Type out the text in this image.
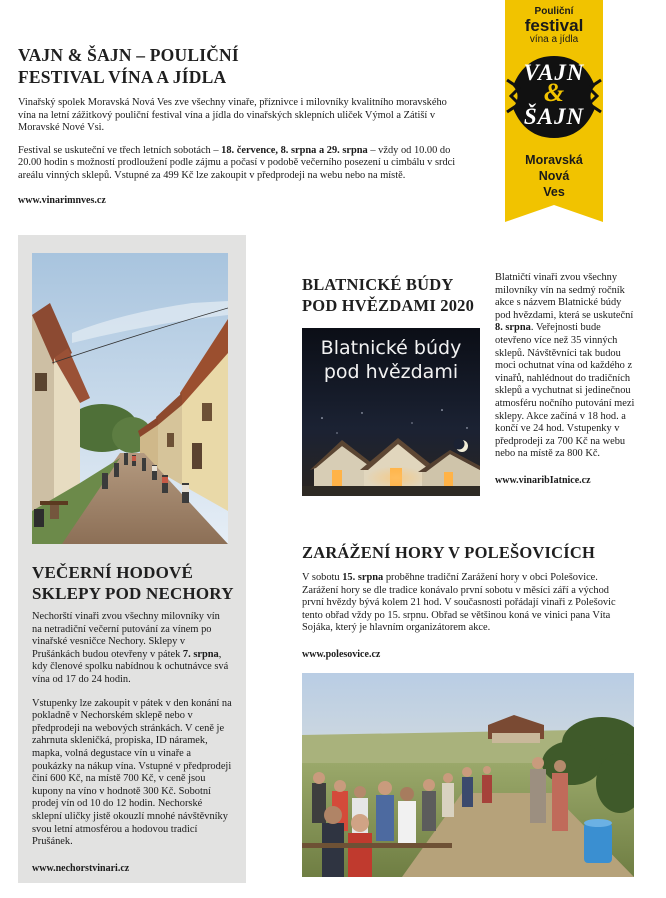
Pouliční
festival
vína a jídla
VAJN
&
ŠAJN
Moravská
Nová
Ves
VAJN & ŠAJN – POULIČNÍ
FESTIVAL VÍNA A JÍDLA

Vinařský spolek Moravská Nová Ves zve všechny vinaře, příznivce i milovníky kvalitního moravského vína na letní zážitkový pouliční festival vína a jídla do vinařských sklepních uliček Výmol a Zátiší v Moravské Nové Vsi.

Festival se uskuteční ve třech letních sobotách – 18. července, 8. srpna a 29. srpna – vždy od 10.00 do 20.00 hodin s možností prodloužení podle zájmu a počasí v podobě večerního posezení u cimbálu v srdci areálu vinných sklepů. Vstupné za 499 Kč lze zakoupit v předprodeji na webu nebo na místě.

www.vinarimnves.cz

VEČERNÍ HODOVÉ
SKLEPY POD NECHORY

Nechorští vinaři zvou všechny milovníky vín na netradiční večerní putování za vínem po vinařské vesničce Nechory. Sklepy v Prušánkách budou otevřeny v pátek 7. srpna, kdy členové spolku nabídnou k ochutnávce svá vína od 17 do 24 hodin.

Vstupenky lze zakoupit v pátek v den konání na pokladně v Nechorském sklepě nebo v předprodeji na webových stránkách. V ceně je zahrnuta skleničká, propiska, ID náramek, mapka, volná degustace vín u vinaře a poukázky na nákup vína. Vstupné v předprodeji činí 600 Kč, na místě 700 Kč, v ceně jsou kupony na víno v hodnotě 300 Kč. Sobotní prodej vín od 10 do 12 hodin. Nechorské sklepní uličky jistě okouzlí mnohé návštěvníky svou letní atmosférou a hodovou tradicí Prušánek.

www.nechorstvinari.cz

BLATNICKÉ BÚDY
POD HVĚZDAMI 2020
Blatnické búdy
pod hvězdami

Blatničtí vinaři zvou všechny milovníky vín na sedmý ročník akce s názvem Blatnické búdy pod hvězdami, která se uskuteční 8. srpna. Veřejnosti bude otevřeno více než 35 vinných sklepů. Návštěvníci tak budou moci ochutnat vína od každého z vinařů, nahlédnout do tradičních sklepů a vychutnat si jedinečnou atmosféru nočního putování mezi sklepy. Akce začíná v 18 hod. a končí ve 24 hod. Vstupenky v předprodeji za 700 Kč na webu nebo na místě za 800 Kč.

www.vinaribIatnice.cz

ZARÁŽENÍ HORY V POLEŠOVICÍCH

V sobotu 15. srpna proběhne tradiční Zarážení hory v obci Polešovice. Zarážení hory se dle tradice konávalo první sobotu v měsíci září a východ první hvězdy bývá kolem 21 hod. V současnosti pořádají vinaři z Polešovic tento obřad vždy po 15. srpnu. Obřad se většinou koná ve vinici pana Víta Sojáka, který je hlavním organizátorem akce.

www.polesovice.cz
